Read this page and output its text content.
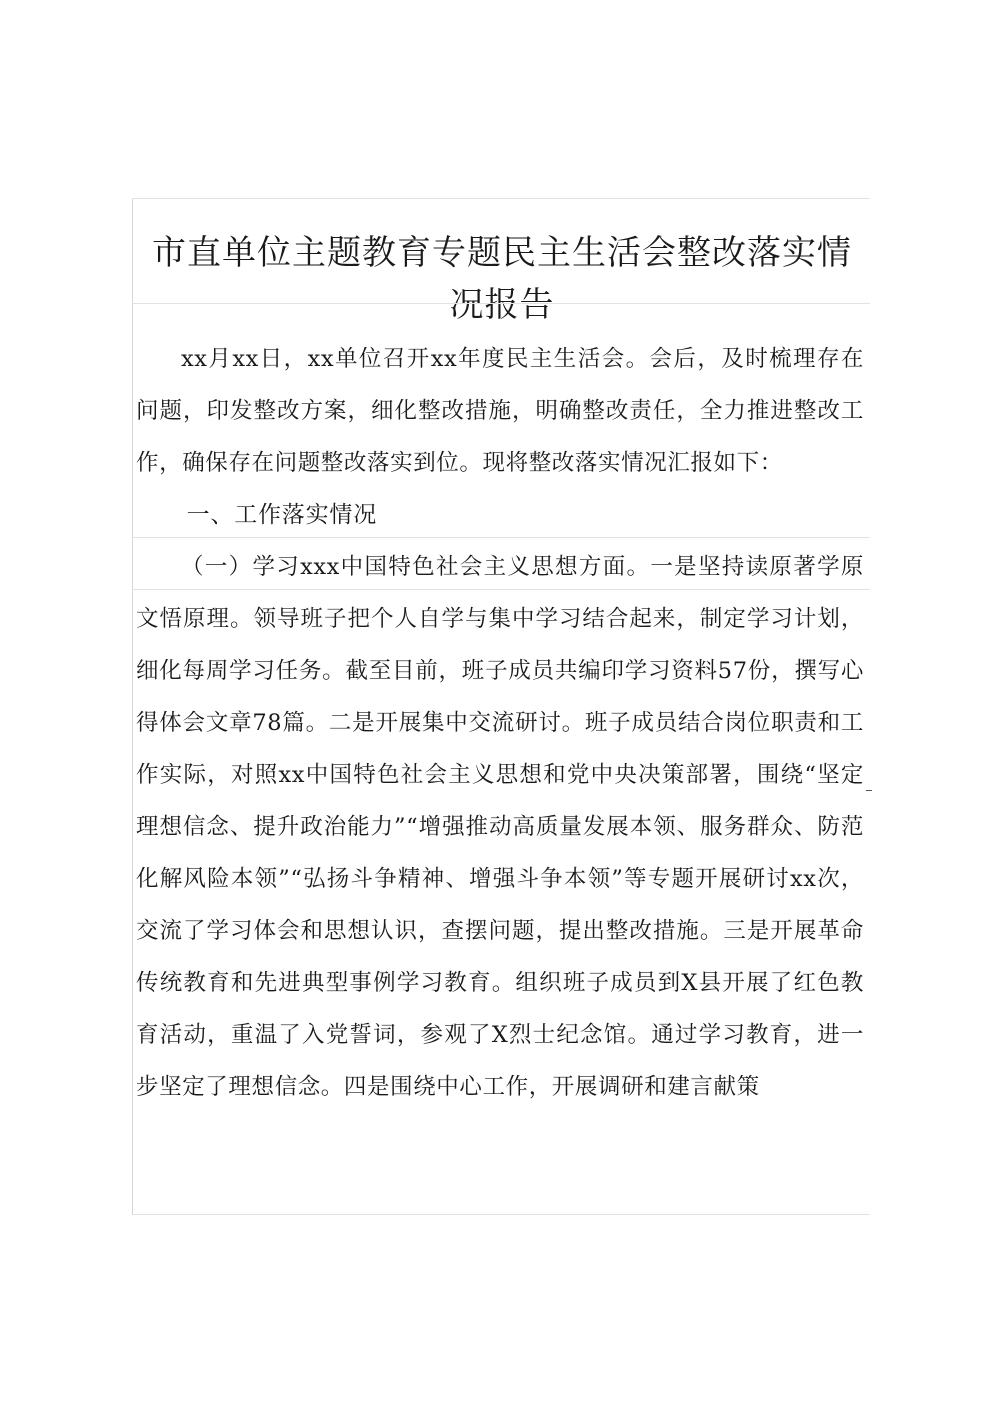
市直单位主题教育专题民主生活会整改落实情况报告

xx月xx日，xx单位召开xx年度民主生活会。会后，及时梳理存在问题，印发整改方案，细化整改措施，明确整改责任，全力推进整改工作，确保存在问题整改落实到位。现将整改落实情况汇报如下：

一、工作落实情况

（一）学习xxx中国特色社会主义思想方面。一是坚持读原著学原文悟原理。领导班子把个人自学与集中学习结合起来，制定学习计划，细化每周学习任务。截至目前，班子成员共编印学习资料57份，撰写心得体会文章78篇。二是开展集中交流研讨。班子成员结合岗位职责和工作实际，对照xx中国特色社会主义思想和党中央决策部署，围绕“坚定理想信念、提升政治能力”“增强推动高质量发展本领、服务群众、防范化解风险本领”“弘扬斗争精神、增强斗争本领”等专题开展研讨xx次，交流了学习体会和思想认识，查摆问题，提出整改措施。三是开展革命传统教育和先进典型事例学习教育。组织班子成员到X县开展了红色教育活动，重温了入党誓词，参观了X烈士纪念馆。通过学习教育，进一步坚定了理想信念。四是围绕中心工作，开展调研和建言献策
